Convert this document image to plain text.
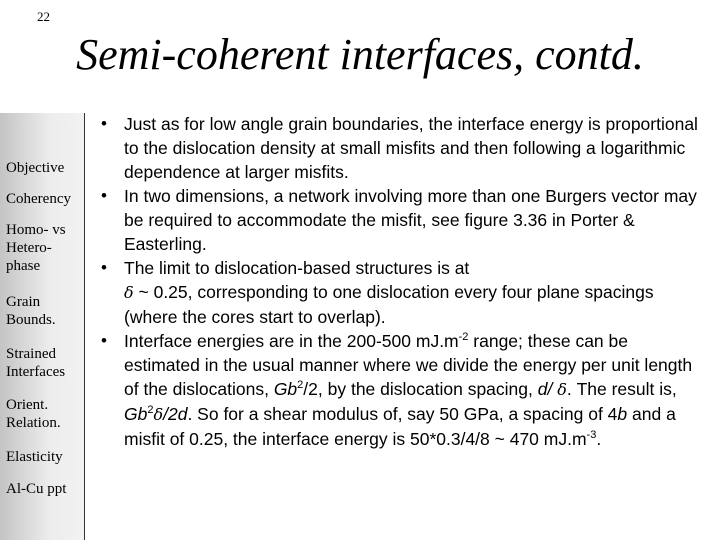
22
Semi-coherent interfaces, contd.
Objective
Coherency
Homo- vs
Hetero-
phase
Grain
Bounds.
Strained
Interfaces
Orient.
Relation.
Elasticity
Al-Cu ppt
• Just as for low angle grain boundaries, the interface energy is proportional to the dislocation density at small misfits and then following a logarithmic dependence at larger misfits.
• In two dimensions, a network involving more than one Burgers vector may be required to accommodate the misfit, see figure 3.36 in Porter & Easterling.
• The limit to dislocation-based structures is at
δ ~ 0.25, corresponding to one dislocation every four plane spacings (where the cores start to overlap).
• Interface energies are in the 200-500 $mJ.m^{-2}$ range; these can be estimated in the usual manner where we divide the energy per unit length of the dislocations, Gb$^2$/2, by the dislocation spacing, d/ δ. The result is, Gb$^2$δ/2d. So for a shear modulus of, say 50 GPa, a spacing of 4b and a misfit of 0.25, the interface energy is 50*0.3/4/8 ~ 470 $mJ.m^{-3}$.
